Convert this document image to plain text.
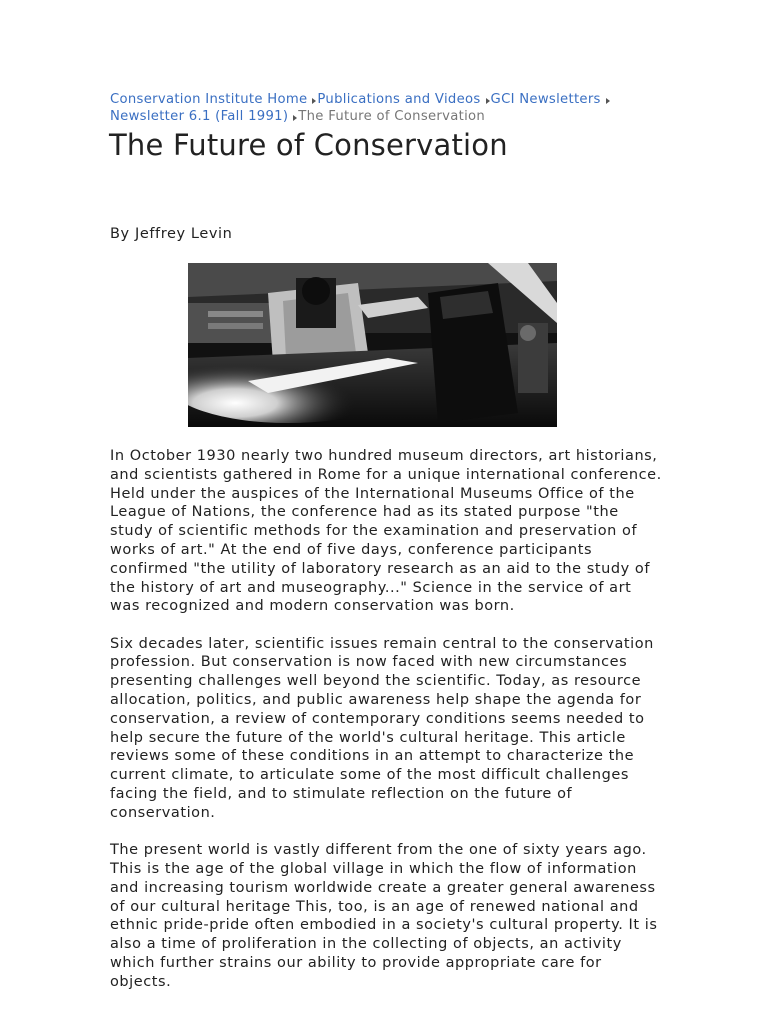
Conservation Institute Home Publications and Videos GCI Newsletters Newsletter 6.1 (Fall 1991) The Future of Conservation
The Future of Conservation
By Jeffrey Levin

In October 1930 nearly two hundred museum directors, art historians, and scientists gathered in Rome for a unique international conference. Held under the auspices of the International Museums Office of the League of Nations, the conference had as its stated purpose "the study of scientific methods for the examination and preservation of works of art." At the end of five days, conference participants confirmed "the utility of laboratory research as an aid to the study of the history of art and museography..." Science in the service of art was recognized and modern conservation was born.

Six decades later, scientific issues remain central to the conservation profession. But conservation is now faced with new circumstances presenting challenges well beyond the scientific. Today, as resource allocation, politics, and public awareness help shape the agenda for conservation, a review of contemporary conditions seems needed to help secure the future of the world's cultural heritage. This article reviews some of these conditions in an attempt to characterize the current climate, to articulate some of the most difficult challenges facing the field, and to stimulate reflection on the future of conservation.

The present world is vastly different from the one of sixty years ago. This is the age of the global village in which the flow of information and increasing tourism worldwide create a greater general awareness of our cultural heritage This, too, is an age of renewed national and ethnic pride-pride often embodied in a society's cultural property. It is also a time of proliferation in the collecting of objects, an activity which further strains our ability to provide appropriate care for objects.
